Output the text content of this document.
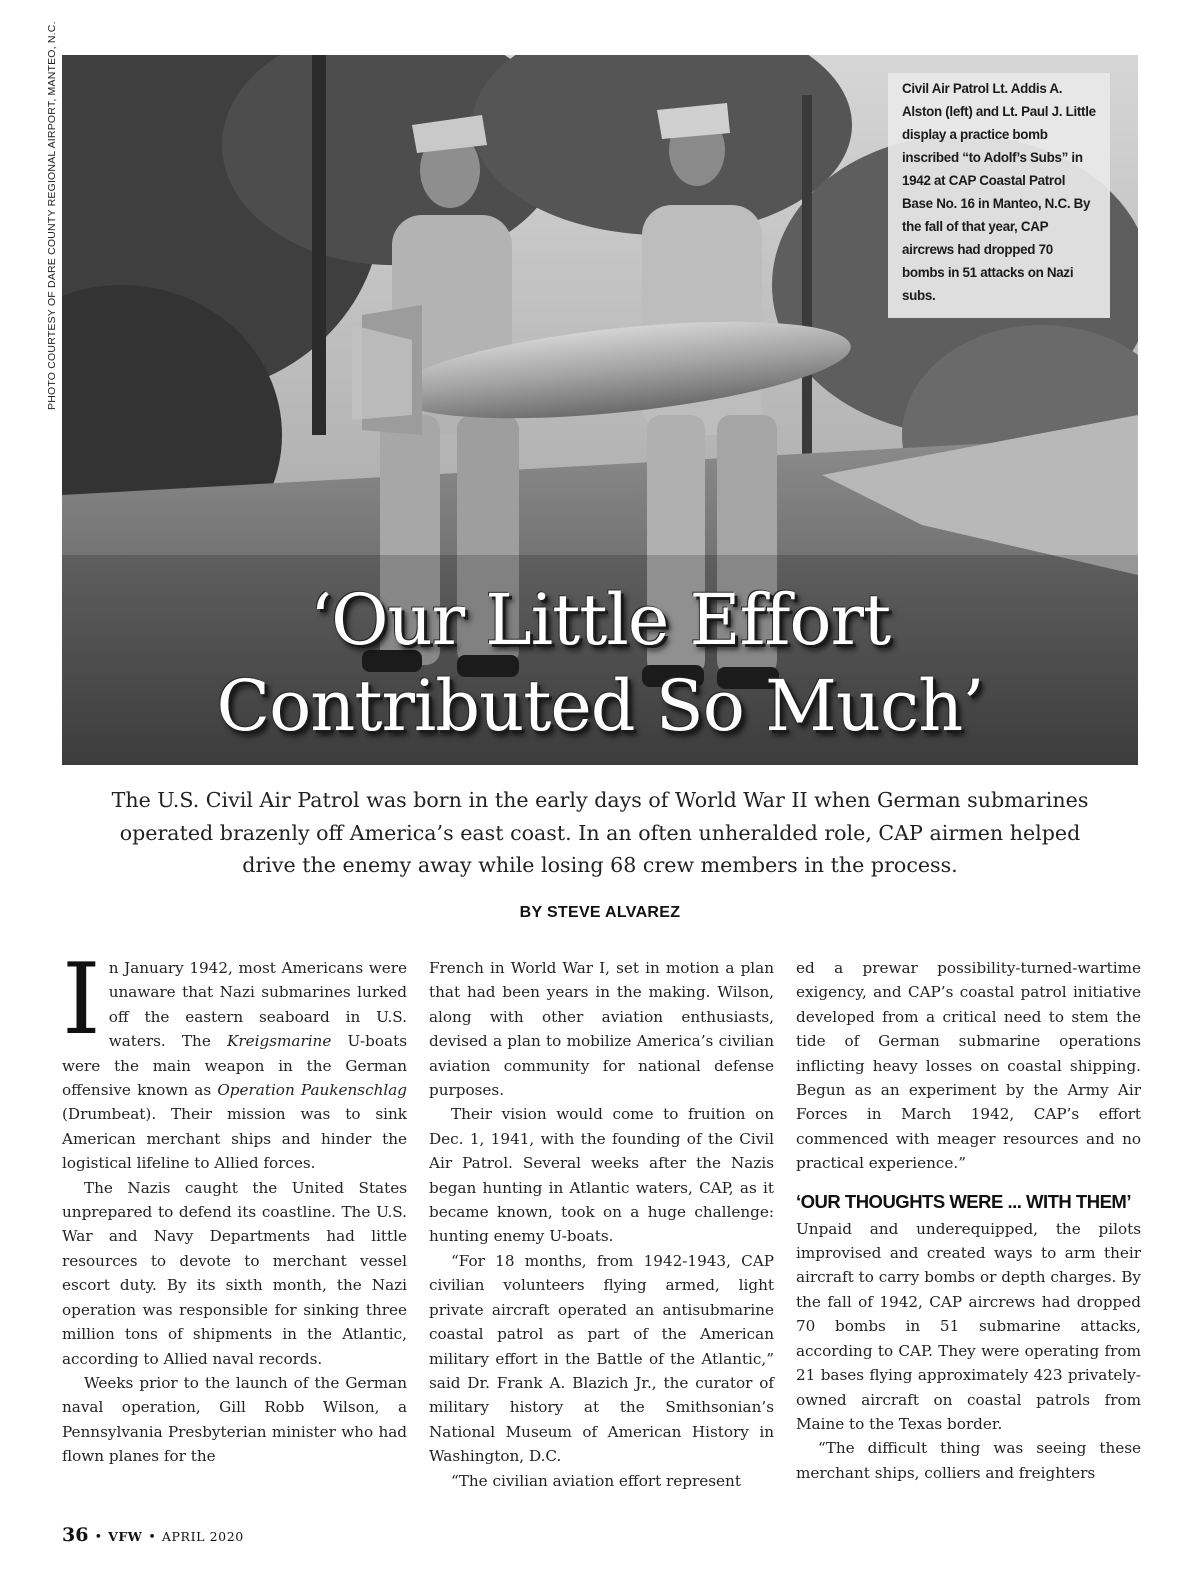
PHOTO COURTESY OF DARE COUNTY REGIONAL AIRPORT, MANTEO, N.C.	Civil Air Patrol Lt. Addis A. Alston (left) and Lt. Paul J. Little display a practice bomb inscribed “to Adolf’s Subs” in 1942 at CAP Coastal Patrol Base No. 16 in Manteo, N.C. By the fall of that year, CAP aircrews had dropped 70 bombs in 51 attacks on Nazi subs.
‘Our Little Effort
Contributed So Much’
The U.S. Civil Air Patrol was born in the early days of World War II when German submarines operated brazenly off America’s east coast. In an often unheralded role, CAP airmen helped drive the enemy away while losing 68 crew members in the process.
BY STEVE ALVAREZ

In January 1942, most Americans were unaware that Nazi submarines lurked off the eastern seaboard in U.S. waters. The Kreigsmarine U-boats were the main weapon in the German offensive known as Operation Paukenschlag (Drumbeat). Their mission was to sink American merchant ships and hinder the logistical lifeline to Allied forces.

The Nazis caught the United States unprepared to defend its coastline. The U.S. War and Navy Departments had little resources to devote to merchant vessel escort duty. By its sixth month, the Nazi operation was responsible for sinking three million tons of shipments in the Atlantic, according to Allied naval records.

Weeks prior to the launch of the German naval operation, Gill Robb Wilson, a Pennsylvania Presbyterian minister who had flown planes for the

French in World War I, set in motion a plan that had been years in the making. Wilson, along with other aviation enthusiasts, devised a plan to mobilize America’s civilian aviation community for national defense purposes.

Their vision would come to fruition on Dec. 1, 1941, with the founding of the Civil Air Patrol. Several weeks after the Nazis began hunting in Atlantic waters, CAP, as it became known, took on a huge challenge: hunting enemy U-boats.

“For 18 months, from 1942-1943, CAP civilian volunteers flying armed, light private aircraft operated an antisubmarine coastal patrol as part of the American military effort in the Battle of the Atlantic,” said Dr. Frank A. Blazich Jr., the curator of military history at the Smithsonian’s National Museum of American History in Washington, D.C.

“The civilian aviation effort represent

ed a prewar possibility-turned-wartime exigency, and CAP’s coastal patrol initiative developed from a critical need to stem the tide of German submarine operations inflicting heavy losses on coastal shipping. Begun as an experiment by the Army Air Forces in March 1942, CAP’s effort commenced with meager resources and no practical experience.”

‘OUR THOUGHTS WERE ... WITH THEM’

Unpaid and underequipped, the pilots improvised and created ways to arm their aircraft to carry bombs or depth charges. By the fall of 1942, CAP aircrews had dropped 70 bombs in 51 submarine attacks, according to CAP. They were operating from 21 bases flying approximately 423 privately-owned aircraft on coastal patrols from Maine to the Texas border.

“The difficult thing was seeing these merchant ships, colliers and freighters

36 • VFW • APRIL 2020
